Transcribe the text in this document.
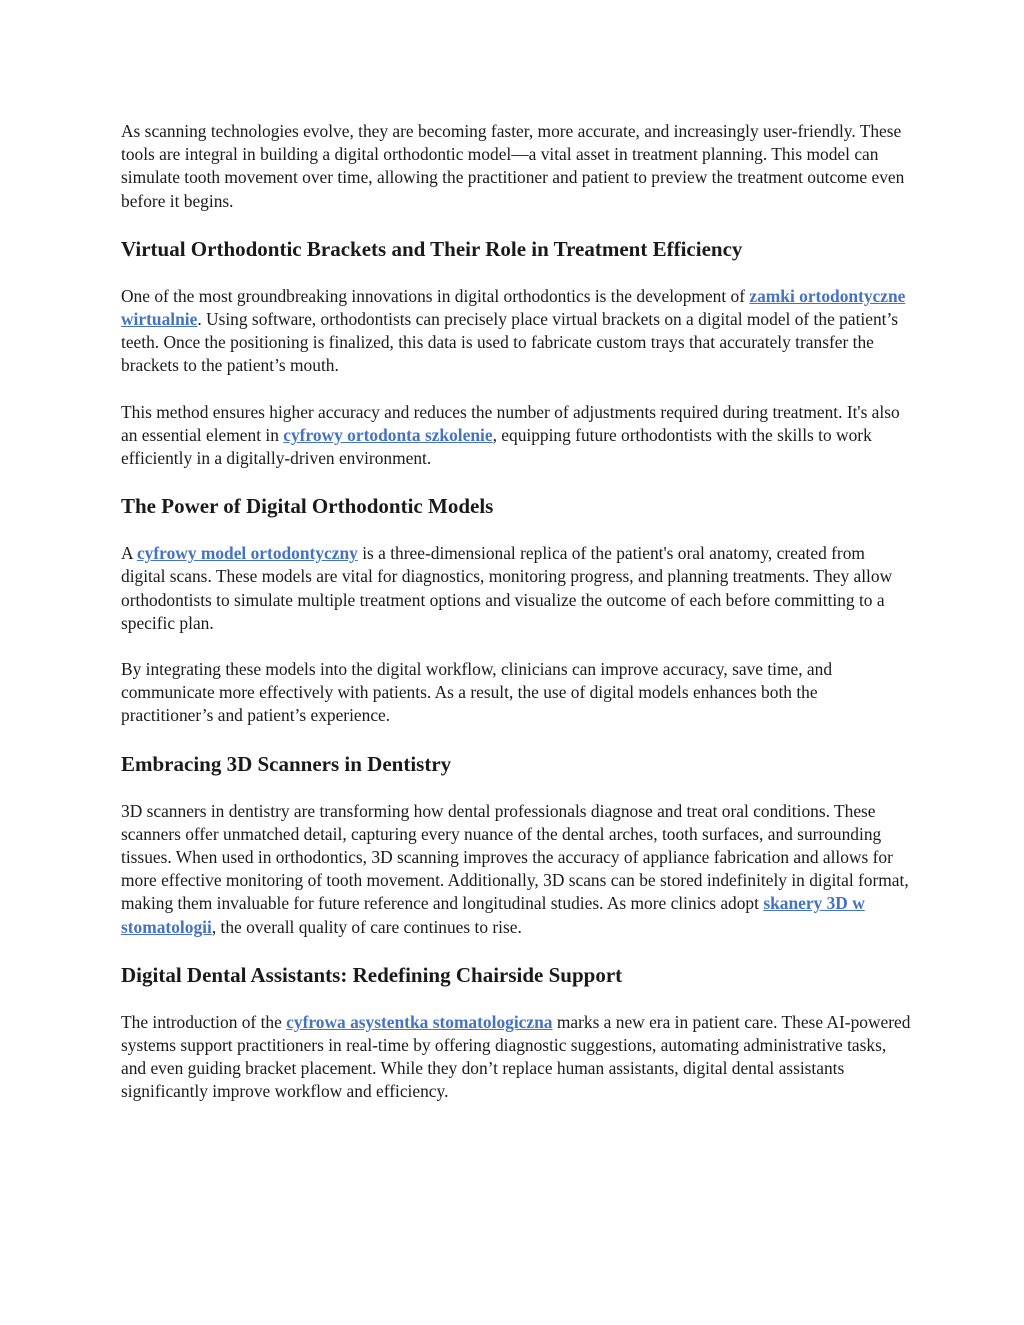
As scanning technologies evolve, they are becoming faster, more accurate, and increasingly user-friendly. These tools are integral in building a digital orthodontic model—a vital asset in treatment planning. This model can simulate tooth movement over time, allowing the practitioner and patient to preview the treatment outcome even before it begins.

Virtual Orthodontic Brackets and Their Role in Treatment Efficiency

One of the most groundbreaking innovations in digital orthodontics is the development of zamki ortodontyczne wirtualnie. Using software, orthodontists can precisely place virtual brackets on a digital model of the patient’s teeth. Once the positioning is finalized, this data is used to fabricate custom trays that accurately transfer the brackets to the patient’s mouth.

This method ensures higher accuracy and reduces the number of adjustments required during treatment. It's also an essential element in cyfrowy ortodonta szkolenie, equipping future orthodontists with the skills to work efficiently in a digitally-driven environment.

The Power of Digital Orthodontic Models

A cyfrowy model ortodontyczny is a three-dimensional replica of the patient's oral anatomy, created from digital scans. These models are vital for diagnostics, monitoring progress, and planning treatments. They allow orthodontists to simulate multiple treatment options and visualize the outcome of each before committing to a specific plan.

By integrating these models into the digital workflow, clinicians can improve accuracy, save time, and communicate more effectively with patients. As a result, the use of digital models enhances both the practitioner’s and patient’s experience.

Embracing 3D Scanners in Dentistry

3D scanners in dentistry are transforming how dental professionals diagnose and treat oral conditions. These scanners offer unmatched detail, capturing every nuance of the dental arches, tooth surfaces, and surrounding tissues. When used in orthodontics, 3D scanning improves the accuracy of appliance fabrication and allows for more effective monitoring of tooth movement. Additionally, 3D scans can be stored indefinitely in digital format, making them invaluable for future reference and longitudinal studies. As more clinics adopt skanery 3D w stomatologii, the overall quality of care continues to rise.

Digital Dental Assistants: Redefining Chairside Support

The introduction of the cyfrowa asystentka stomatologiczna marks a new era in patient care. These AI-powered systems support practitioners in real-time by offering diagnostic suggestions, automating administrative tasks, and even guiding bracket placement. While they don’t replace human assistants, digital dental assistants significantly improve workflow and efficiency.
